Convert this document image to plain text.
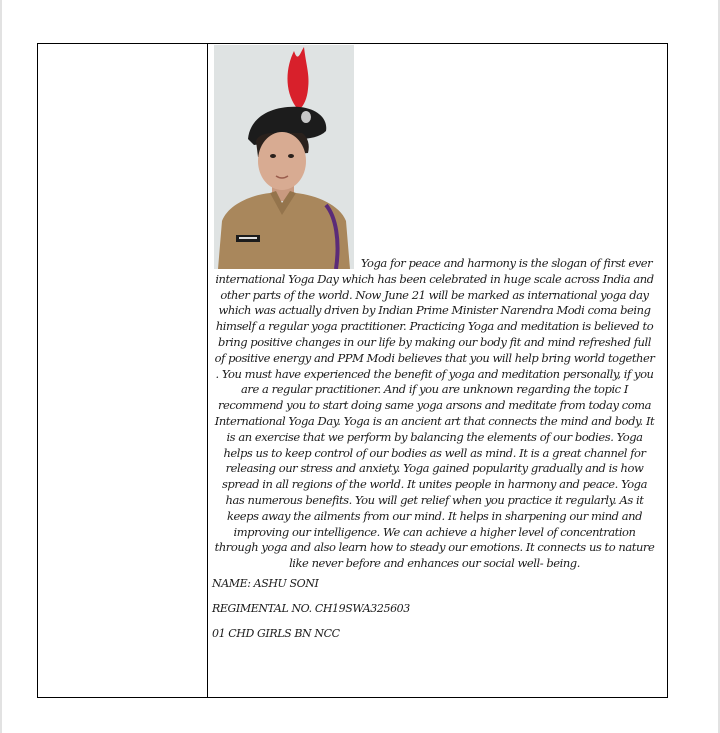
Yoga for peace and harmony is the slogan of first ever international Yoga Day which has been celebrated in huge scale across India and other parts of the world. Now June 21 will be marked as international yoga day which was actually driven by Indian Prime Minister Narendra Modi coma being himself a regular yoga practitioner. Practicing Yoga and meditation is believed to bring positive changes in our life by making our body fit and mind refreshed full of positive energy and PPM Modi believes that you will help bring world together . You must have experienced the benefit of yoga and meditation personally, if you are a regular practitioner. And if you are unknown regarding the topic I recommend you to start doing same yoga arsons and meditate from today coma International Yoga Day. Yoga is an ancient art that connects the mind and body. It is an exercise that we perform by balancing the elements of our bodies. Yoga helps us to keep control of our bodies as well as mind. It is a great channel for releasing our stress and anxiety. Yoga gained popularity gradually and is how spread in all regions of the world. It unites people in harmony and peace. Yoga has numerous benefits. You will get relief when you practice it regularly. As it keeps away the ailments from our mind. It helps in sharpening our mind and improving our intelligence. We can achieve a higher level of concentration through yoga and also learn how to steady our emotions. It connects us to nature like never before and enhances our social well- being.

NAME: ASHU SONI

REGIMENTAL NO. CH19SWA325603

01 CHD GIRLS BN NCC
